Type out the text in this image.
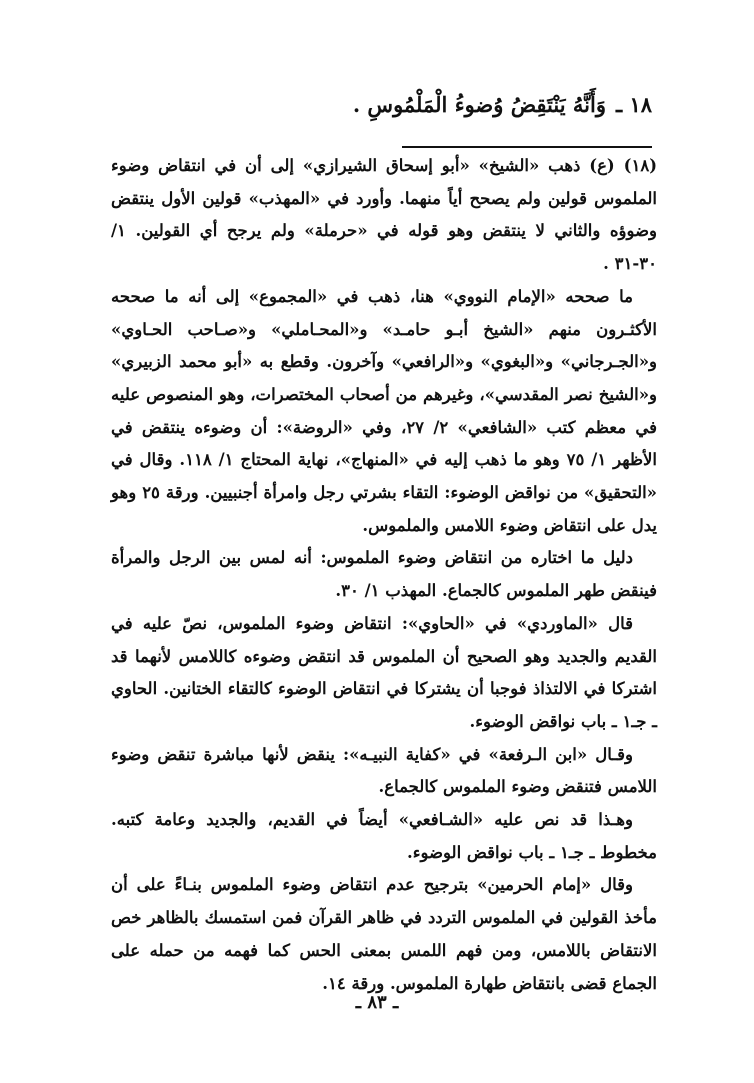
١٨ ـوَأَنَّهُ يَنْتَقِضُ وُضوءُ الْمَلْمُوسِ .

(١٨) (ع) ذهب «الشيخ» «أبو إسحاق الشيرازي» إلى أن في انتقاض وضوء الملموس قولين ولم يصحح أياً منهما. وأورد في «المهذب» قولين الأول ينتقض وضوؤه والثاني لا ينتقض وهو قوله في «حرملة» ولم يرجح أي القولين. ١/ ٣٠-٣١ .

ما صححه «الإمام النووي» هنا، ذهب في «المجموع» إلى أنه ما صححه الأكثـرون منهم «الشيخ أبـو حامـد» و«المحـاملي» و«صـاحب الحـاوي» و«الجـرجاني» و«البغوي» و«الرافعي» وآخرون. وقطع به «أبو محمد الزبيري» و«الشيخ نصر المقدسي»، وغيرهم من أصحاب المختصرات، وهو المنصوص عليه في معظم كتب «الشافعي» ٢/ ٢٧، وفي «الروضة»: أن وضوءه ينتقض في الأظهر ١/ ٧٥ وهو ما ذهب إليه في «المنهاج»، نهاية المحتاج ١/ ١١٨. وقال في «التحقيق» من نواقض الوضوء: التقاء بشرتي رجل وامرأة أجنبيين. ورقة ٢٥ وهو يدل على انتقاض وضوء اللامس والملموس.

دليل ما اختاره من انتقاض وضوء الملموس: أنه لمس بين الرجل والمرأة فينقض طهر الملموس كالجماع. المهذب ١/ ٣٠.

قال «الماوردي» في «الحاوي»: انتقاض وضوء الملموس، نصّ عليه في القديم والجديد وهو الصحيح أن الملموس قد انتقض وضوءه كاللامس لأنهما قد اشتركا في الالتذاذ فوجبا أن يشتركا في انتقاض الوضوء كالتقاء الختانين. الحاوي ـ جـ١ ـ باب نواقض الوضوء.

وقـال «ابن الـرفعة» في «كفاية النبيـه»: ينقض لأنها مباشرة تنقض وضوء اللامس فتنقض وضوء الملموس كالجماع.

وهـذا قد نص عليه «الشـافعي» أيضاً في القديم، والجديد وعامة كتبه. مخطوط ـ جـ١ ـ باب نواقض الوضوء.

وقال «إمام الحرمين» بترجيح عدم انتقاض وضوء الملموس بنـاءً على أن مأخذ القولين في الملموس التردد في ظاهر القرآن فمن استمسك بالظاهر خص الانتقاض باللامس، ومن فهم اللمس بمعنى الحس كما فهمه من حمله على الجماع قضى بانتقاض طهارة الملموس. ورقة ١٤.

ـ ٨٣ ـ
